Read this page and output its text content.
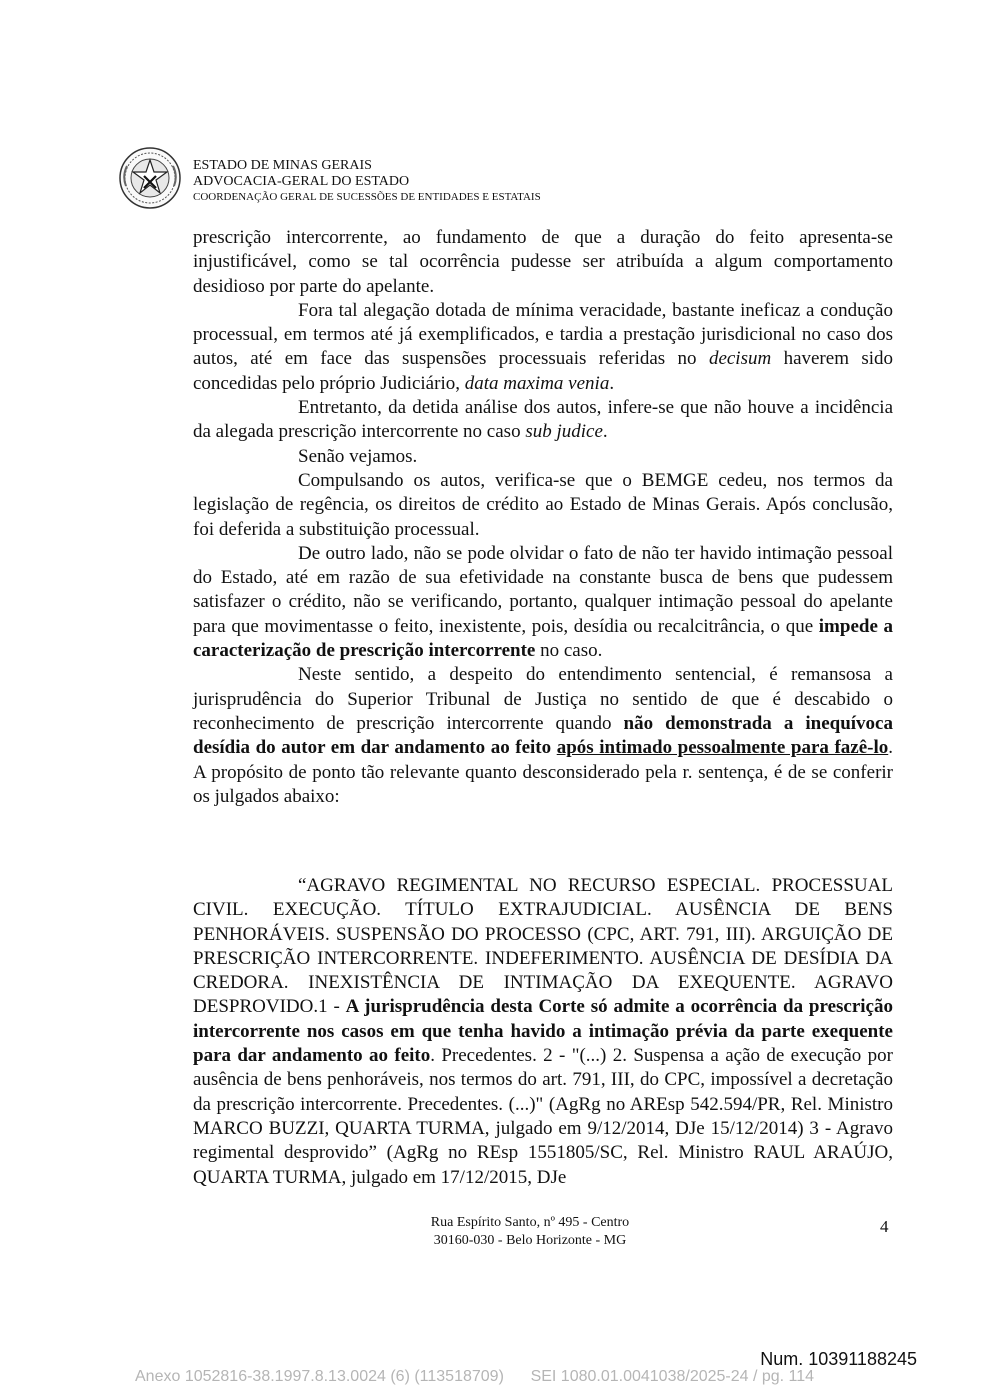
ESTADO DE MINAS GERAIS
ADVOCACIA-GERAL DO ESTADO
COORDENAÇÃO GERAL DE SUCESSÕES DE ENTIDADES E ESTATAIS

prescrição intercorrente, ao fundamento de que a duração do feito apresenta-se injustificável, como se tal ocorrência pudesse ser atribuída a algum comportamento desidioso por parte do apelante.

Fora tal alegação dotada de mínima veracidade, bastante ineficaz a condução processual, em termos até já exemplificados, e tardia a prestação jurisdicional no caso dos autos, até em face das suspensões processuais referidas no decisum haverem sido concedidas pelo próprio Judiciário, data maxima venia.

Entretanto, da detida análise dos autos, infere-se que não houve a incidência da alegada prescrição intercorrente no caso sub judice.

Senão vejamos.

Compulsando os autos, verifica-se que o BEMGE cedeu, nos termos da legislação de regência, os direitos de crédito ao Estado de Minas Gerais. Após conclusão, foi deferida a substituição processual.

De outro lado, não se pode olvidar o fato de não ter havido intimação pessoal do Estado, até em razão de sua efetividade na constante busca de bens que pudessem satisfazer o crédito, não se verificando, portanto, qualquer intimação pessoal do apelante para que movimentasse o feito, inexistente, pois, desídia ou recalcitrância, o que impede a caracterização de prescrição intercorrente no caso.

Neste sentido, a despeito do entendimento sentencial, é remansosa a jurisprudência do Superior Tribunal de Justiça no sentido de que é descabido o reconhecimento de prescrição intercorrente quando não demonstrada a inequívoca desídia do autor em dar andamento ao feito após intimado pessoalmente para fazê-lo. A propósito de ponto tão relevante quanto desconsiderado pela r. sentença, é de se conferir os julgados abaixo:

“AGRAVO REGIMENTAL NO RECURSO ESPECIAL. PROCESSUAL CIVIL. EXECUÇÃO. TÍTULO EXTRAJUDICIAL. AUSÊNCIA DE BENS PENHORÁVEIS. SUSPENSÃO DO PROCESSO (CPC, ART. 791, III). ARGUIÇÃO DE PRESCRIÇÃO INTERCORRENTE. INDEFERIMENTO. AUSÊNCIA DE DESÍDIA DA CREDORA. INEXISTÊNCIA DE INTIMAÇÃO DA EXEQUENTE. AGRAVO DESPROVIDO.1 - A jurisprudência desta Corte só admite a ocorrência da prescrição intercorrente nos casos em que tenha havido a intimação prévia da parte exequente para dar andamento ao feito. Precedentes. 2 - "(...) 2. Suspensa a ação de execução por ausência de bens penhoráveis, nos termos do art. 791, III, do CPC, impossível a decretação da prescrição intercorrente. Precedentes. (...)" (AgRg no AREsp 542.594/PR, Rel. Ministro MARCO BUZZI, QUARTA TURMA, julgado em 9/12/2014, DJe 15/12/2014) 3 - Agravo regimental desprovido” (AgRg no REsp 1551805/SC, Rel. Ministro RAUL ARAÚJO, QUARTA TURMA, julgado em 17/12/2015, DJe

Rua Espírito Santo, nº 495 - Centro
30160-030 - Belo Horizonte - MG
4
Num. 10391188245
Anexo 1052816-38.1997.8.13.0024 (6) (113518709) SEI 1080.01.0041038/2025-24 / pg. 114
